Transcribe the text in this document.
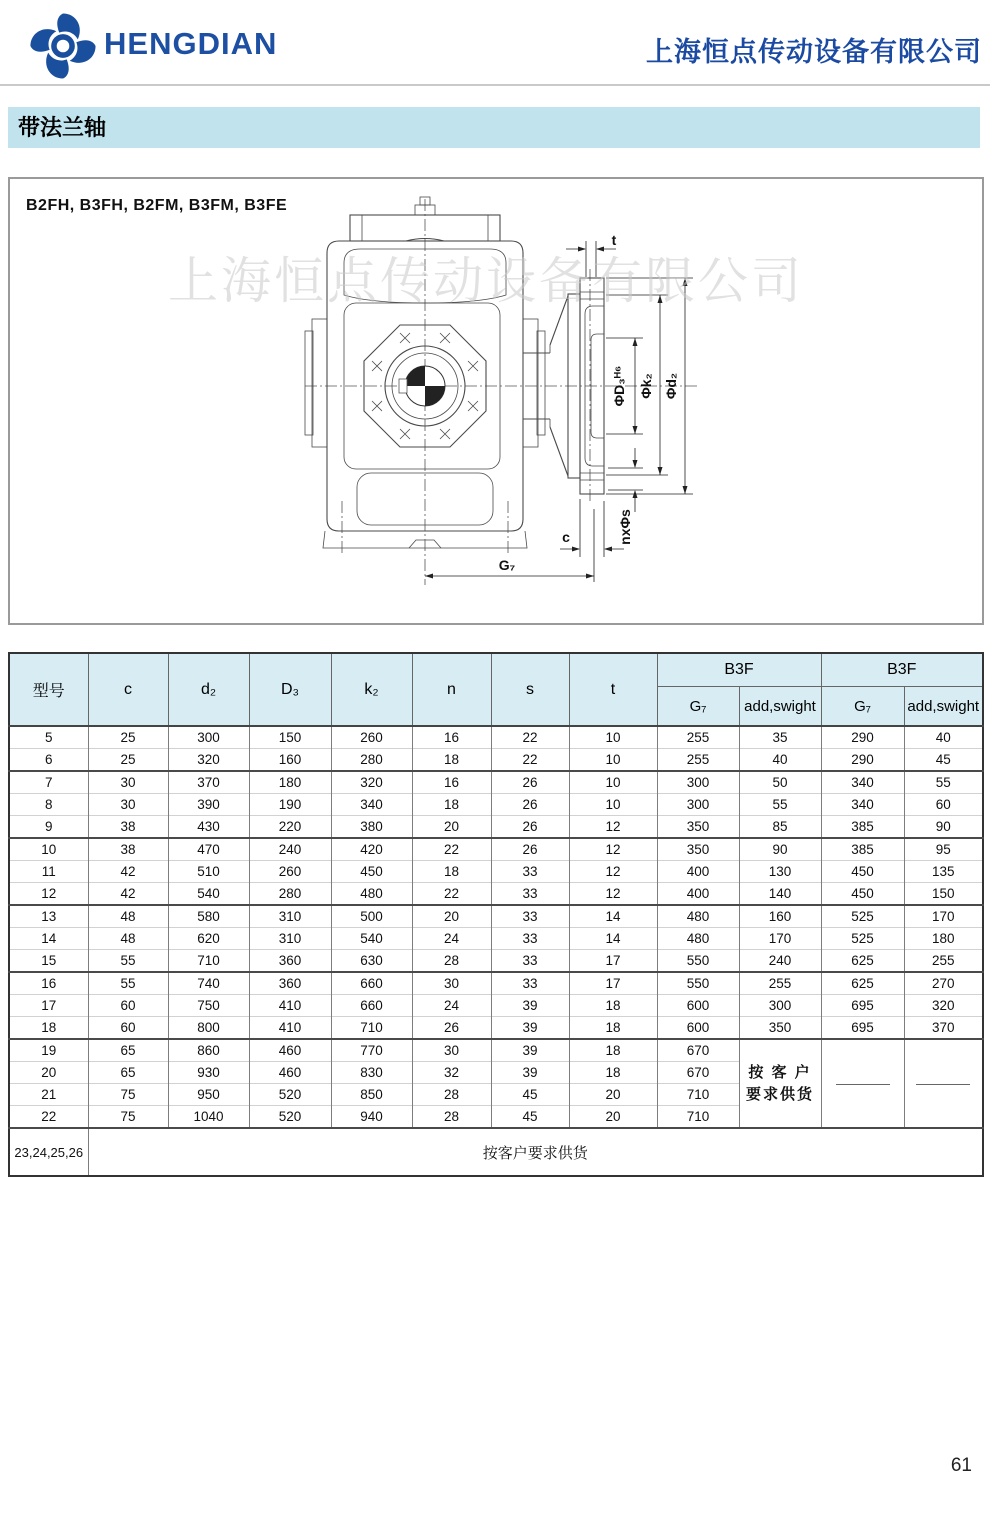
HENGDIAN	上海恒点传动设备有限公司
带法兰轴
t
ΦD₃ᴴ⁶ Φk₂ Φd₂
nxΦs
c
G₇
上海恒点传动设备有限公司
B2FH, B3FH, B2FM, B3FM, B3FE
型号	c	d₂	D₃	k₂	n	s	t	B3F		B3F	
								G₇	add,swight	G₇	add,swight
5	25	300	150	260	16	22	10	255	35	290	40
6	25	320	160	280	18	22	10	255	40	290	45
7	30	370	180	320	16	26	10	300	50	340	55
8	30	390	190	340	18	26	10	300	55	340	60
9	38	430	220	380	20	26	12	350	85	385	90
10	38	470	240	420	22	26	12	350	90	385	95
11	42	510	260	450	18	33	12	400	130	450	135
12	42	540	280	480	22	33	12	400	140	450	150
13	48	580	310	500	20	33	14	480	160	525	170
14	48	620	310	540	24	33	14	480	170	525	180
15	55	710	360	630	28	33	17	550	240	625	255
16	55	740	360	660	30	33	17	550	255	625	270
17	60	750	410	660	24	39	18	600	300	695	320
18	60	800	410	710	26	39	18	600	350	695	370
19	65	860	460	770	30	39	18	670	按 客 户
要求供货		

20	65	930	460	830	32	39	18	670			
21	75	950	520	850	28	45	20	710			
22	75	1040	520	940	28	45	20	710			
23,24,25,26	按客户要求供货										
61
